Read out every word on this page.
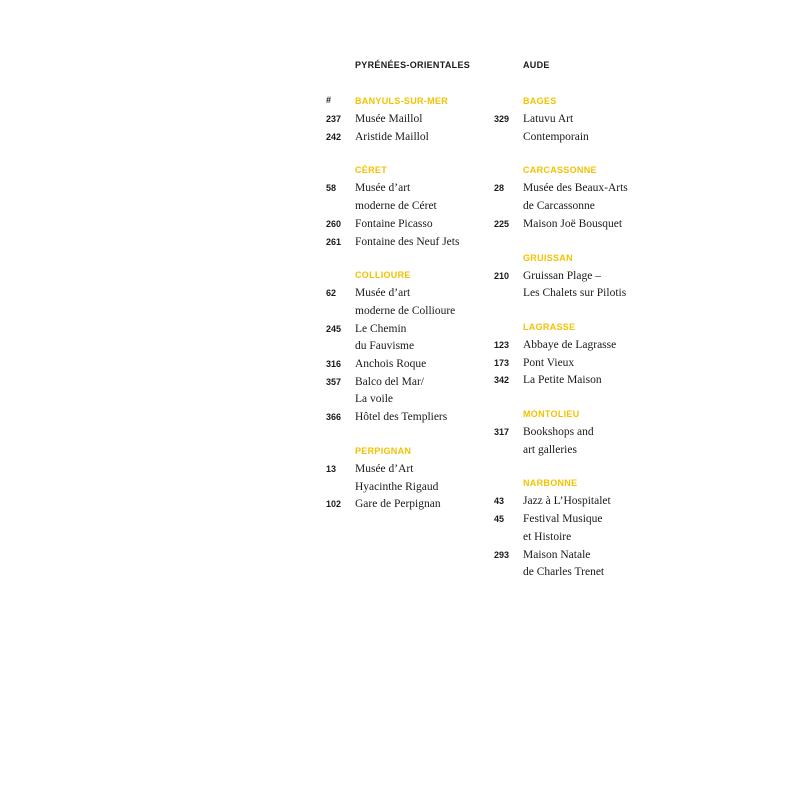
PYRÉNÉES-ORIENTALES
#	BANYULS-SUR-MER
237	Musée Maillol
242	Aristide Maillol
CÉRET
58	Musée d’art
moderne de Céret
260	Fontaine Picasso
261	Fontaine des Neuf Jets
COLLIOURE
62	Musée d’art
moderne de Collioure
245	Le Chemin
du Fauvisme
316	Anchois Roque
357	Balco del Mar/
La voile
366	Hôtel des Templiers
PERPIGNAN
13	Musée d’Art
Hyacinthe Rigaud
102	Gare de Perpignan
AUDE
BAGES
329	Latuvu Art
Contemporain
CARCASSONNE
28	Musée des Beaux-Arts
de Carcassonne
225	Maison Joë Bousquet
GRUISSAN
210	Gruissan Plage –
Les Chalets sur Pilotis
LAGRASSE
123	Abbaye de Lagrasse
173	Pont Vieux
342	La Petite Maison
MONTOLIEU
317	Bookshops and
art galleries
NARBONNE
43	Jazz à L’Hospitalet
45	Festival Musique
et Histoire
293	Maison Natale
de Charles Trenet
